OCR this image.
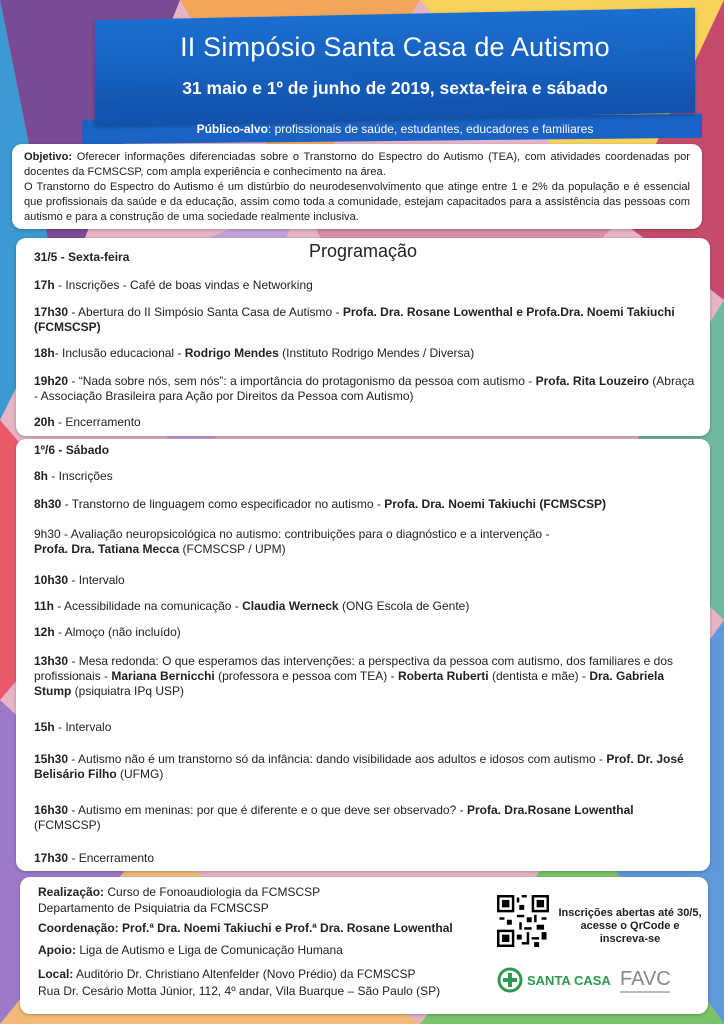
II Simpósio Santa Casa de Autismo
31 maio e 1º de junho de 2019, sexta-feira e sábado
Público-alvo: profissionais de saúde, estudantes, educadores e familiares

Objetivo: Oferecer informações diferenciadas sobre o Transtorno do Espectro do Autismo (TEA), com atividades coordenadas por docentes da FCMSCSP, com ampla experiência e conhecimento na área.

O Transtorno do Espectro do Autismo é um distúrbio do neurodesenvolvimento que atinge entre 1 e 2% da população e é essencial que profissionais da saúde e da educação, assim como toda a comunidade, estejam capacitados para a assistência das pessoas com autismo e para a construção de uma sociedade realmente inclusiva.

Programação
31/5 - Sexta-feira
17h - Inscrições - Café de boas vindas e Networking
17h30 - Abertura do II Simpósio Santa Casa de Autismo - Profa. Dra. Rosane Lowenthal e Profa.Dra. Noemi Takiuchi (FCMSCSP)
18h- Inclusão educacional - Rodrigo Mendes (Instituto Rodrigo Mendes / Diversa)
19h20 - “Nada sobre nós, sem nós”: a importância do protagonismo da pessoa com autismo - Profa. Rita Louzeiro (Abraça - Associação Brasileira para Ação por Direitos da Pessoa com Autismo)
20h - Encerramento
1º/6 - Sábado
8h - Inscrições
8h30 - Transtorno de linguagem como especificador no autismo - Profa. Dra. Noemi Takiuchi (FCMSCSP)
9h30 - Avaliação neuropsicológica no autismo: contribuições para o diagnóstico e a intervenção -
Profa. Dra. Tatiana Mecca (FCMSCSP / UPM)
10h30 - Intervalo
11h - Acessibilidade na comunicação - Claudia Werneck (ONG Escola de Gente)
12h - Almoço (não incluído)
13h30 - Mesa redonda: O que esperamos das intervenções: a perspectiva da pessoa com autismo, dos familiares e dos profissionais - Mariana Bernicchi (professora e pessoa com TEA) - Roberta Ruberti (dentista e mãe) - Dra. Gabriela Stump (psiquiatra IPq USP)
15h - Intervalo
15h30 - Autismo não é um transtorno só da infância: dando visibilidade aos adultos e idosos com autismo - Prof. Dr. José Belisário Filho (UFMG)
16h30 - Autismo em meninas: por que é diferente e o que deve ser observado? - Profa. Dra.Rosane Lowenthal (FCMSCSP)
17h30 - Encerramento
Realização: Curso de Fonoaudiologia da FCMSCSP
Departamento de Psiquiatria da FCMSCSP
Coordenação: Prof.ª Dra. Noemi Takiuchi e Prof.ª Dra. Rosane Lowenthal
Apoio: Liga de Autismo e Liga de Comunicação Humana
Local: Auditório Dr. Christiano Altenfelder (Novo Prédio) da FCMSCSP
Rua Dr. Cesário Motta Júnior, 112, 4º andar, Vila Buarque – São Paulo (SP)
Inscrições abertas até 30/5, acesse o QrCode e inscreva-se
SANTA CASA FAVC
